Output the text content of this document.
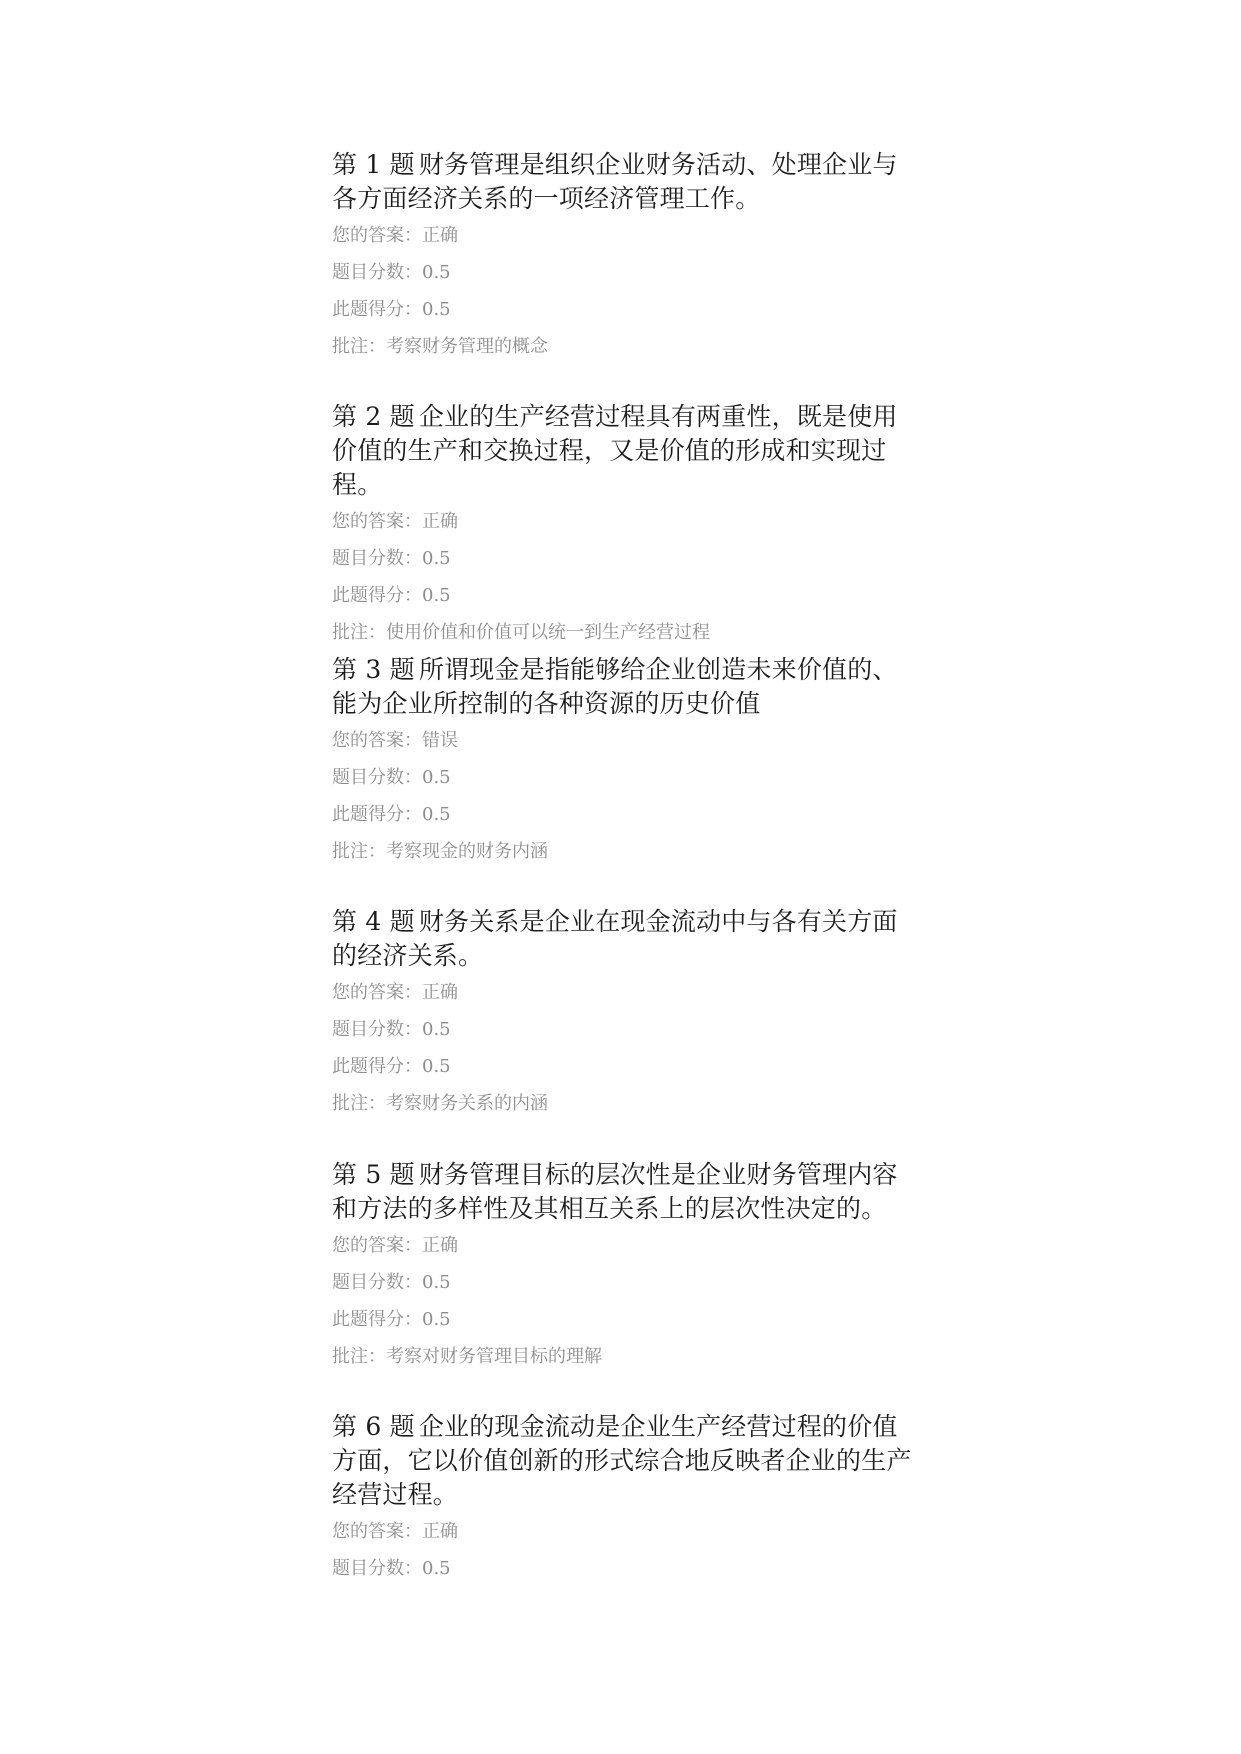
第 1 题 财务管理是组织企业财务活动、处理企业与各方面经济关系的一项经济管理工作。
您的答案：正确
题目分数：0.5
此题得分：0.5
批注：考察财务管理的概念
第 2 题 企业的生产经营过程具有两重性，既是使用价值的生产和交换过程，又是价值的形成和实现过程。
您的答案：正确
题目分数：0.5
此题得分：0.5
批注：使用价值和价值可以统一到生产经营过程
第 3 题 所谓现金是指能够给企业创造未来价值的、能为企业所控制的各种资源的历史价值
您的答案：错误
题目分数：0.5
此题得分：0.5
批注：考察现金的财务内涵
第 4 题 财务关系是企业在现金流动中与各有关方面的经济关系。
您的答案：正确
题目分数：0.5
此题得分：0.5
批注：考察财务关系的内涵
第 5 题 财务管理目标的层次性是企业财务管理内容和方法的多样性及其相互关系上的层次性决定的。
您的答案：正确
题目分数：0.5
此题得分：0.5
批注：考察对财务管理目标的理解
第 6 题 企业的现金流动是企业生产经营过程的价值方面，它以价值创新的形式综合地反映者企业的生产经营过程。
您的答案：正确
题目分数：0.5
